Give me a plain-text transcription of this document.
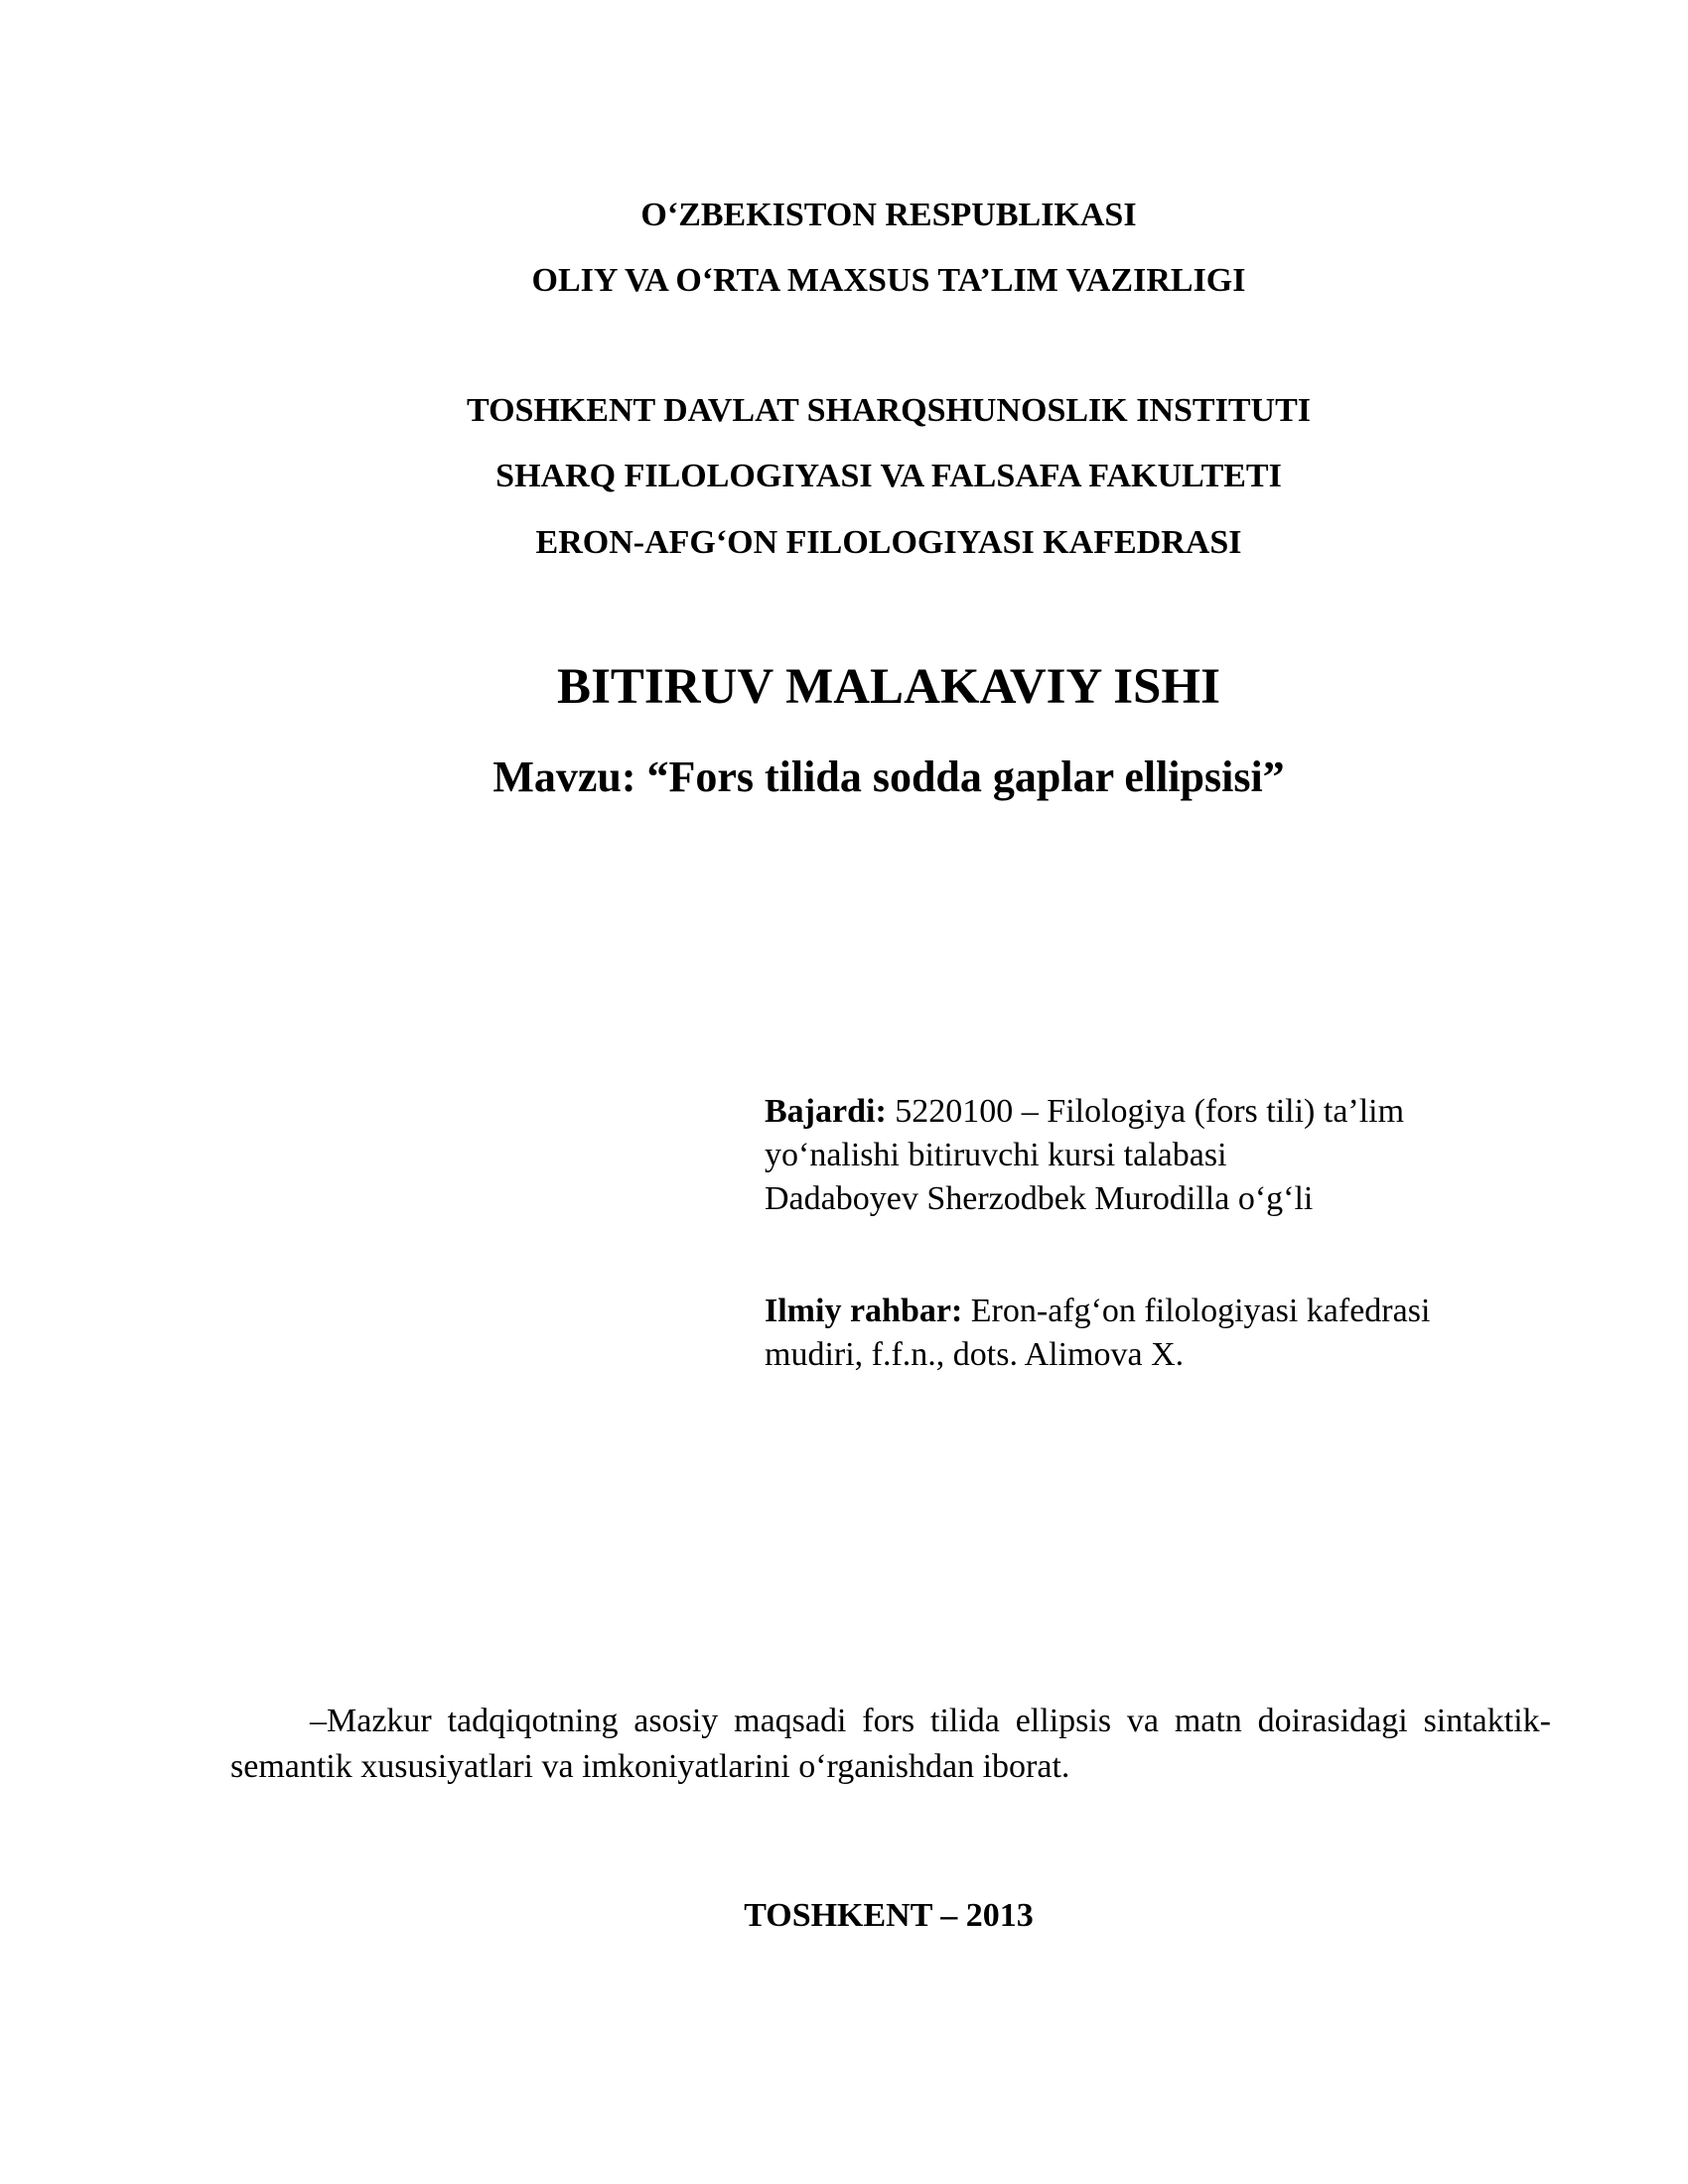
O‘ZBEKISTON RESPUBLIKASI
OLIY VA O‘RTA MAXSUS TA’LIM VAZIRLIGI
TOSHKENT DAVLAT SHARQSHUNOSLIK INSTITUTI
SHARQ FILOLOGIYASI VA FALSAFA FAKULTETI
ERON-AFG‘ON FILOLOGIYASI KAFEDRASI
BITIRUV MALAKAVIY ISHI
Mavzu: “Fors tilida sodda gaplar ellipsisi”
Bajardi: 5220100 – Filologiya (fors tili) ta’lim
yo‘nalishi bitiruvchi kursi talabasi
Dadaboyev Sherzodbek Murodilla o‘g‘li
Ilmiy rahbar: Eron-afg‘on filologiyasi kafedrasi
mudiri, f.f.n., dots. Alimova X.
–Mazkur tadqiqotning asosiy maqsadi fors tilida ellipsis va matn doirasidagi sintaktik-semantik xususiyatlari va imkoniyatlarini o‘rganishdan iborat.
TOSHKENT – 2013
